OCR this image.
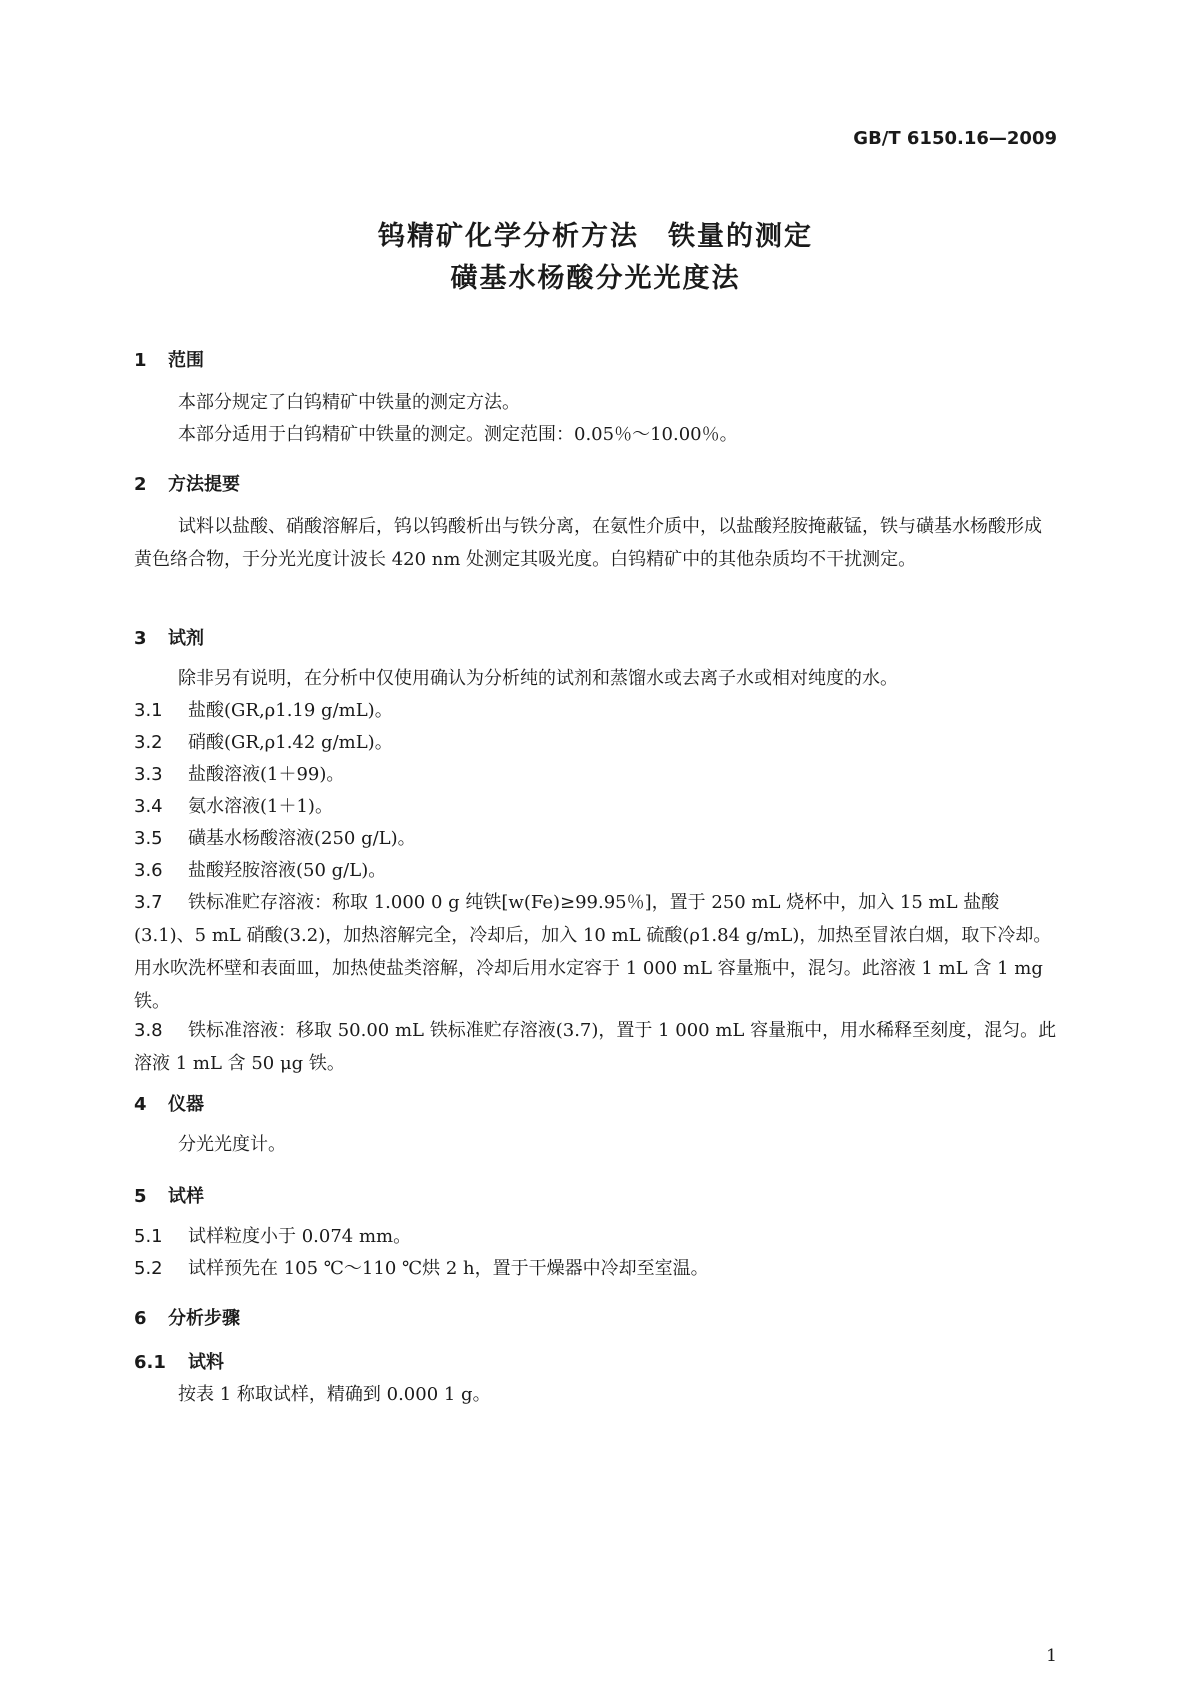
GB/T 6150.16—2009
钨精矿化学分析方法　铁量的测定
磺基水杨酸分光光度法
1 范围
本部分规定了白钨精矿中铁量的测定方法。
本部分适用于白钨精矿中铁量的测定。测定范围：0.05％～10.00％。
2 方法提要
试料以盐酸、硝酸溶解后，钨以钨酸析出与铁分离，在氨性介质中，以盐酸羟胺掩蔽锰，铁与磺基水杨酸形成黄色络合物，于分光光度计波长 420 nm 处测定其吸光度。白钨精矿中的其他杂质均不干扰测定。
3 试剂
除非另有说明，在分析中仅使用确认为分析纯的试剂和蒸馏水或去离子水或相对纯度的水。
3.1 盐酸(GR,ρ1.19 g/mL)。
3.2 硝酸(GR,ρ1.42 g/mL)。
3.3 盐酸溶液(1＋99)。
3.4 氨水溶液(1＋1)。
3.5 磺基水杨酸溶液(250 g/L)。
3.6 盐酸羟胺溶液(50 g/L)。
3.7 铁标准贮存溶液：称取 1.000 0 g 纯铁[w(Fe)≥99.95％]，置于 250 mL 烧杯中，加入 15 mL 盐酸(3.1)、5 mL 硝酸(3.2)，加热溶解完全，冷却后，加入 10 mL 硫酸(ρ1.84 g/mL)，加热至冒浓白烟，取下冷却。用水吹洗杯壁和表面皿，加热使盐类溶解，冷却后用水定容于 1 000 mL 容量瓶中，混匀。此溶液 1 mL 含 1 mg 铁。
3.8 铁标准溶液：移取 50.00 mL 铁标准贮存溶液(3.7)，置于 1 000 mL 容量瓶中，用水稀释至刻度，混匀。此溶液 1 mL 含 50 μg 铁。
4 仪器
分光光度计。
5 试样
5.1 试样粒度小于 0.074 mm。
5.2 试样预先在 105 ℃～110 ℃烘 2 h，置于干燥器中冷却至室温。
6 分析步骤
6.1 试料
按表 1 称取试样，精确到 0.000 1 g。
1
